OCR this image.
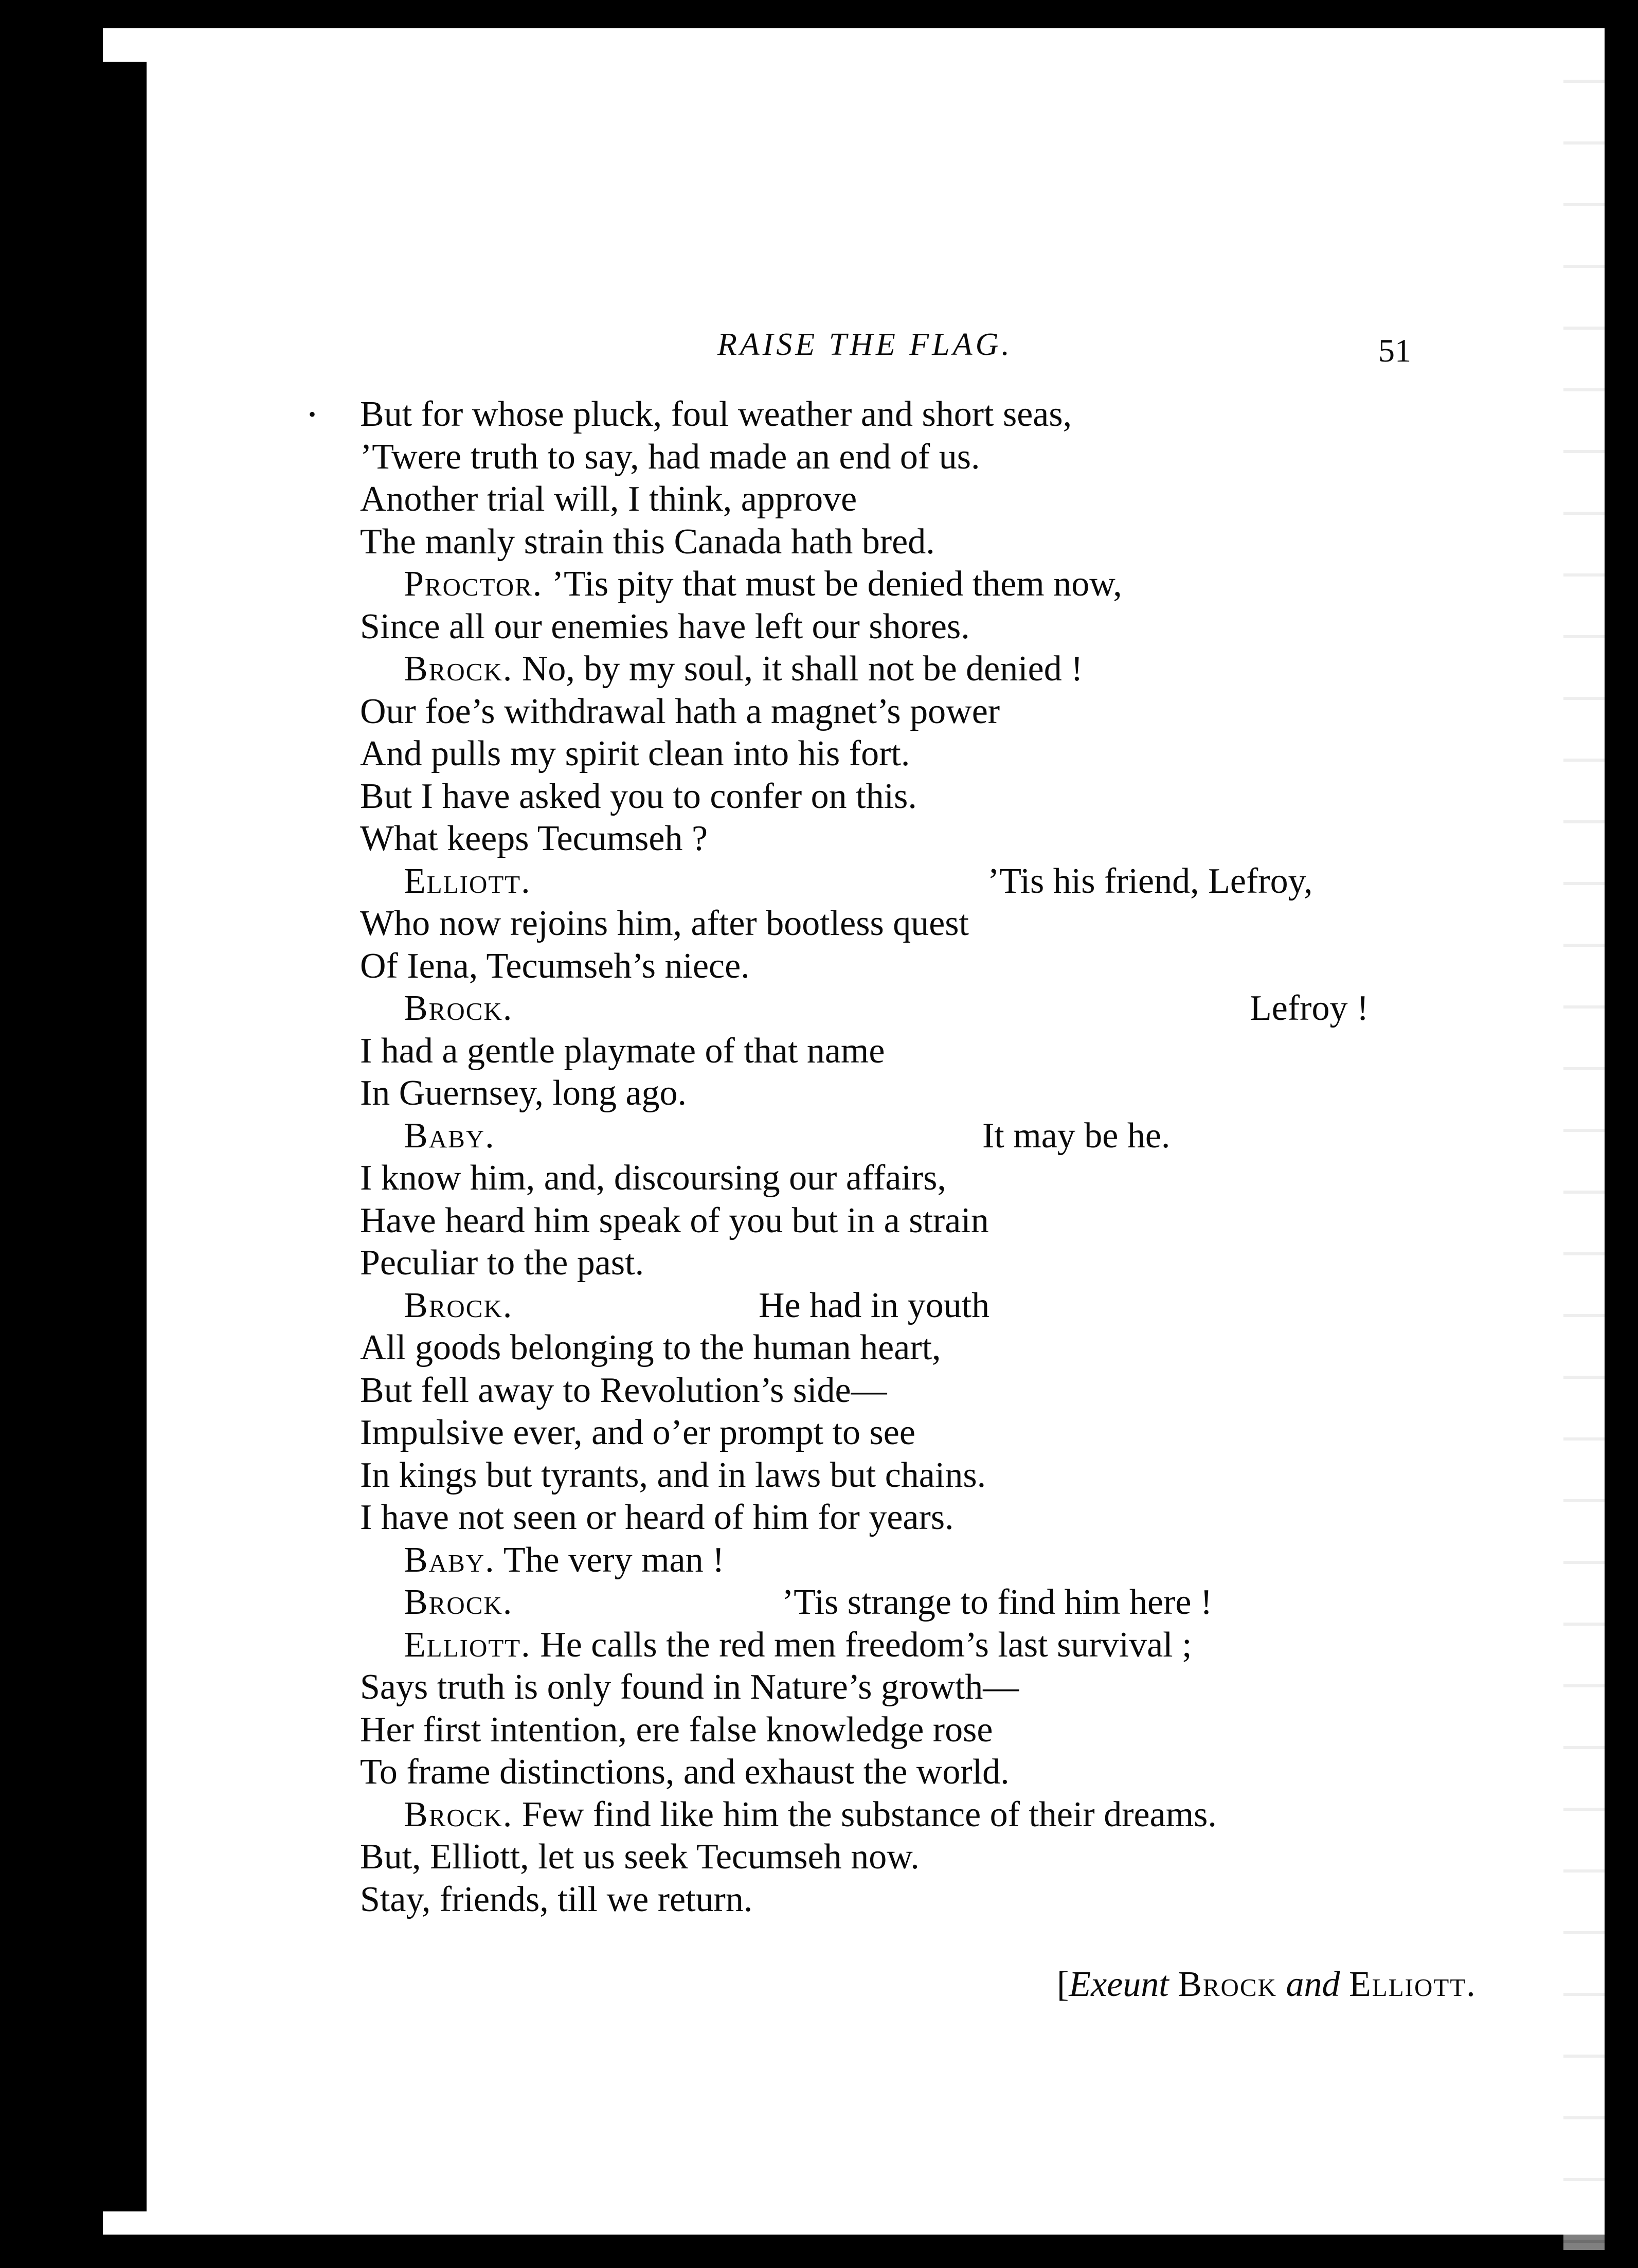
RAISE THE FLAG.	51
• But for whose pluck, foul weather and short seas,
’Twere truth to say, had made an end of us.
Another trial will, I think, approve
The manly strain this Canada hath bred.
Proctor. ’Tis pity that must be denied them now,
Since all our enemies have left our shores.
Brock. No, by my soul, it shall not be denied !
Our foe’s withdrawal hath a magnet’s power
And pulls my spirit clean into his fort.
But I have asked you to confer on this.
What keeps Tecumseh ?
Elliott.	’Tis his friend, Lefroy,
Who now rejoins him, after bootless quest
Of Iena, Tecumseh’s niece.
Brock.	Lefroy !
I had a gentle playmate of that name
In Guernsey, long ago.
Baby.	It may be he.
I know him, and, discoursing our affairs,
Have heard him speak of you but in a strain
Peculiar to the past.
Brock.	He had in youth
All goods belonging to the human heart,
But fell away to Revolution’s side—
Impulsive ever, and o’er prompt to see
In kings but tyrants, and in laws but chains.
I have not seen or heard of him for years.
Baby. The very man !
Brock.	’Tis strange to find him here !
Elliott. He calls the red men freedom’s last survival ;
Says truth is only found in Nature’s growth—
Her first intention, ere false knowledge rose
To frame distinctions, and exhaust the world.
Brock. Few find like him the substance of their dreams.
But, Elliott, let us seek Tecumseh now.
Stay, friends, till we return.

[Exeunt Brock and Elliott.
